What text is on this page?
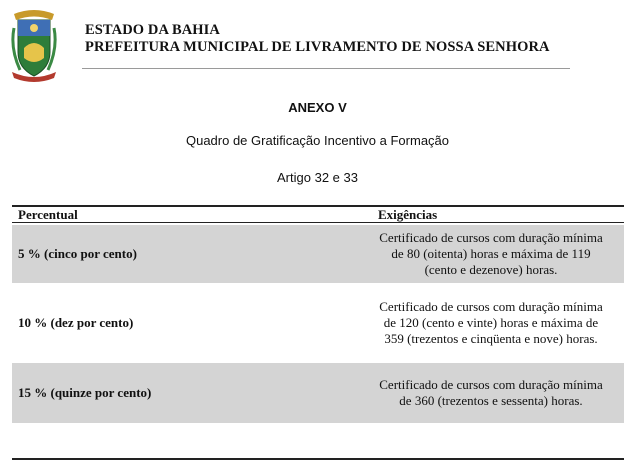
ESTADO DA BAHIA

PREFEITURA MUNICIPAL DE LIVRAMENTO DE NOSSA SENHORA
ANEXO V
Quadro de Gratificação Incentivo a Formação
Artigo 32 e 33
Percentual	Exigências
5 % (cinco por cento)
Certificado de cursos com duração mínima de 80 (oitenta) horas e máxima de 119 (cento e dezenove) horas.
10 % (dez por cento)
Certificado de cursos com duração mínima de 120 (cento e vinte) horas e máxima de 359 (trezentos e cinqüenta e nove) horas.
15 % (quinze por cento)
Certificado de cursos com duração mínima de 360 (trezentos e sessenta) horas.
